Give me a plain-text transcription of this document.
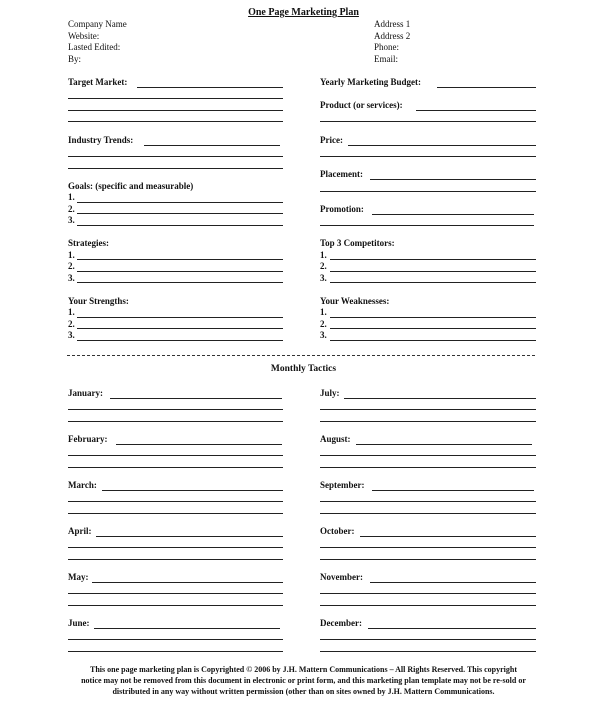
One Page Marketing Plan
Company Name
Website:
Lasted Edited:
By:
Address 1
Address 2
Phone:
Email:
Target Market:
Industry Trends:
Goals: (specific and measurable)
1.
2.
3.
Strategies:
1.
2.
3.
Your Strengths:
1.
2.
3.
Yearly Marketing Budget:
Product (or services):
Price:
Placement:
Promotion:
Top 3 Competitors:
1.
2.
3.
Your Weaknesses:
1.
2.
3.
Monthly Tactics
January:
February:
March:
April:
May:
June:
July:
August:
September:
October:
November:
December:
This one page marketing plan is Copyrighted © 2006 by J.H. Mattern Communications – All Rights Reserved. This copyright notice may not be removed from this document in electronic or print form, and this marketing plan template may not be re-sold or distributed in any way without written permission (other than on sites owned by J.H. Mattern Communications.
